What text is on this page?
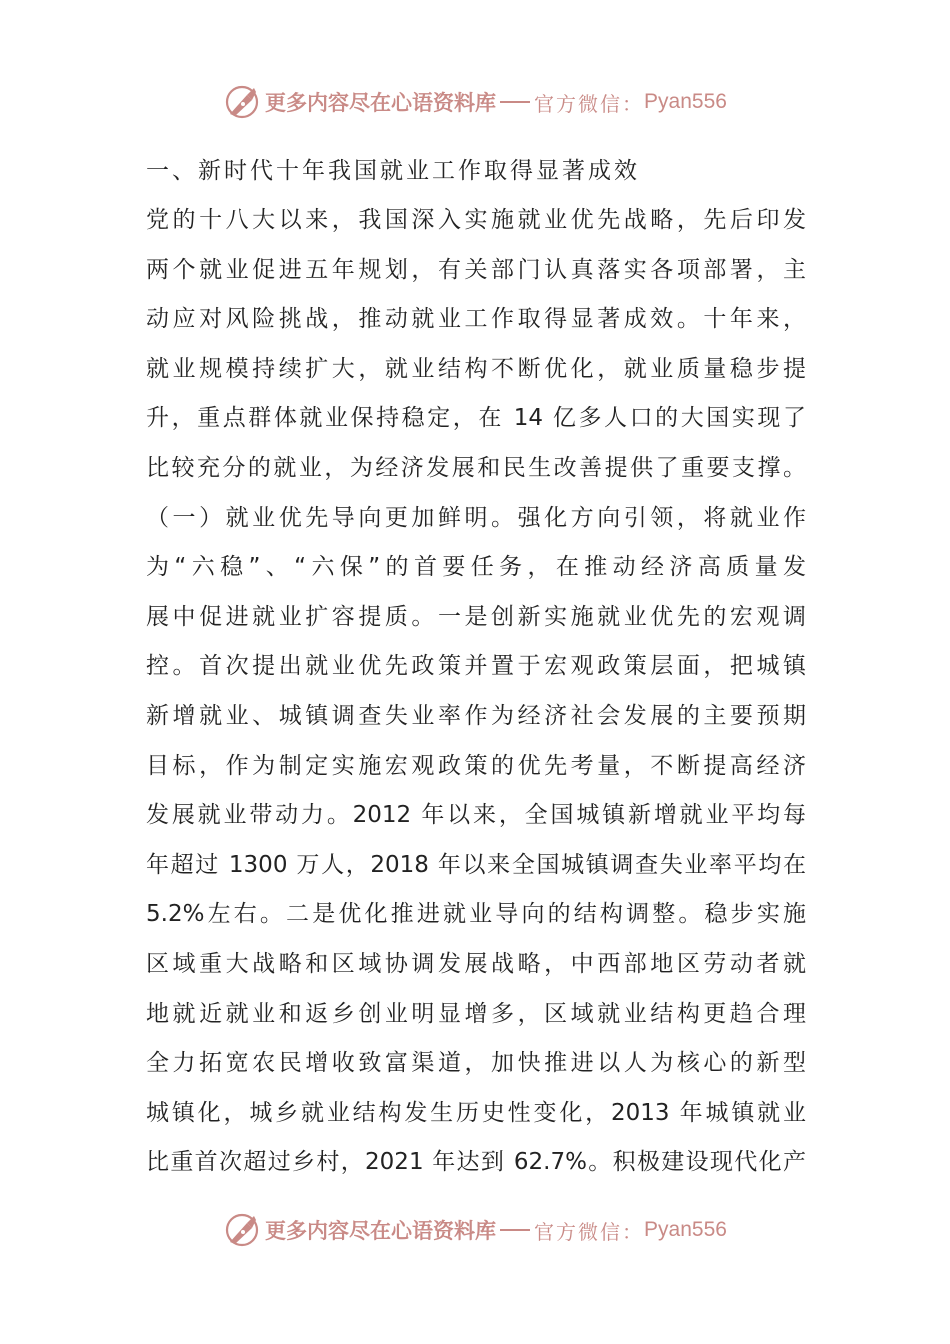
更多内容尽在心语资料库 官方微信： Pyan556
一、新时代十年我国就业工作取得显著成效
党的十八大以来，我国深入实施就业优先战略，先后印发
两个就业促进五年规划，有关部门认真落实各项部署，主
动应对风险挑战，推动就业工作取得显著成效。十年来，
就业规模持续扩大，就业结构不断优化，就业质量稳步提
升，重点群体就业保持稳定，在 14 亿多人口的大国实现了
比较充分的就业，为经济发展和民生改善提供了重要支撑。
（一）就业优先导向更加鲜明。强化方向引领，将就业作
为“六稳”、“六保”的首要任务，在推动经济高质量发
展中促进就业扩容提质。一是创新实施就业优先的宏观调
控。首次提出就业优先政策并置于宏观政策层面，把城镇
新增就业、城镇调查失业率作为经济社会发展的主要预期
目标，作为制定实施宏观政策的优先考量，不断提高经济
发展就业带动力。2012 年以来，全国城镇新增就业平均每
年超过 1300 万人，2018 年以来全国城镇调查失业率平均在
5.2%左右。二是优化推进就业导向的结构调整。稳步实施
区域重大战略和区域协调发展战略，中西部地区劳动者就
地就近就业和返乡创业明显增多，区域就业结构更趋合理
全力拓宽农民增收致富渠道，加快推进以人为核心的新型
城镇化，城乡就业结构发生历史性变化，2013 年城镇就业
比重首次超过乡村，2021 年达到 62.7%。积极建设现代化产
更多内容尽在心语资料库 官方微信： Pyan556
